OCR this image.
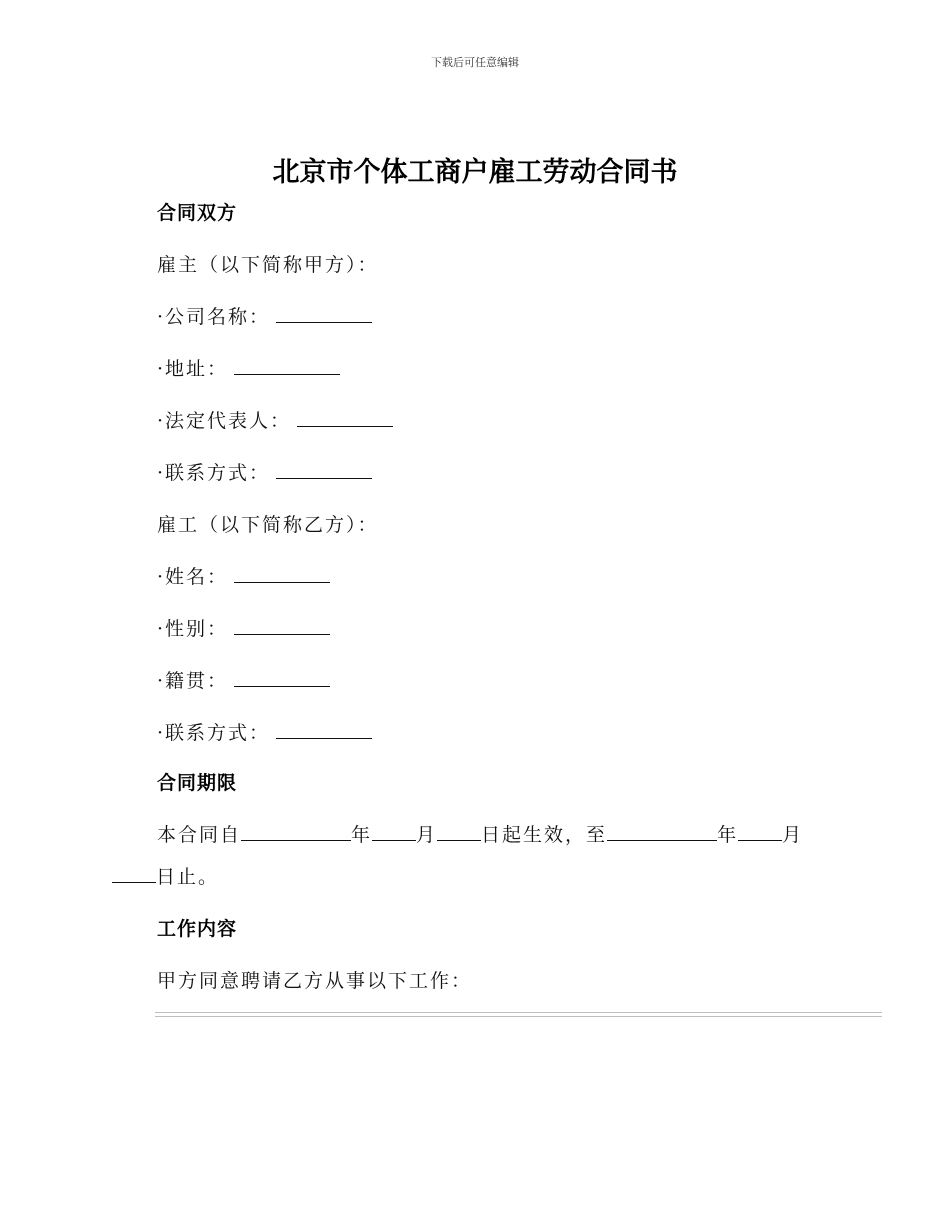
下载后可任意编辑
北京市个体工商户雇工劳动合同书
合同双方
雇主（以下简称甲方）：
·公司名称：
·地址：
·法定代表人：
·联系方式：
雇工（以下简称乙方）：
·姓名：
·性别：
·籍贯：
·联系方式：
合同期限
本合同自	年 月 日起生效，至	年 月
日止。
工作内容
甲方同意聘请乙方从事以下工作：
